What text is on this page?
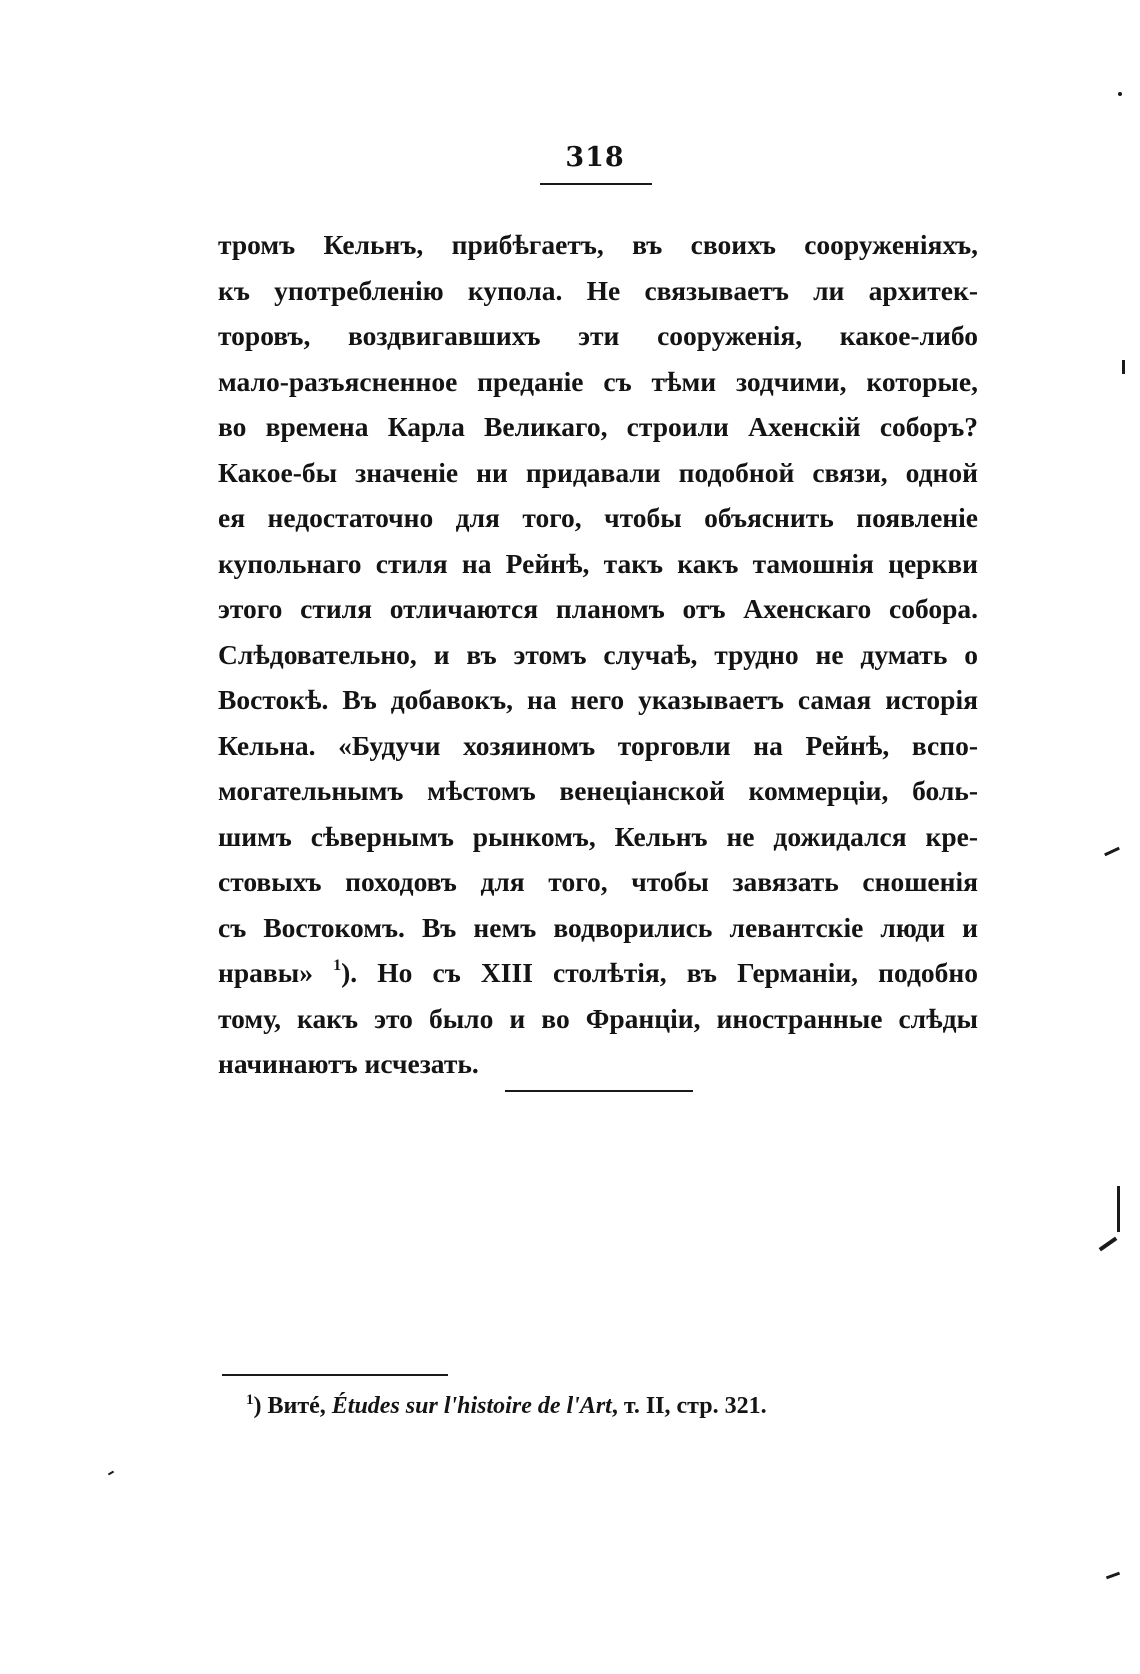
318
тромъ Кельнъ, прибѣгаетъ, въ своихъ сооруженіяхъ,
къ употребленію купола. Не связываетъ ли архитек-
торовъ, воздвигавшихъ эти сооруженія, какое-либо
мало-разъясненное преданіе съ тѣми зодчими, которые,
во времена Карла Великаго, строили Ахенскій соборъ?
Какое-бы значеніе ни придавали подобной связи, одной
ея недостаточно для того, чтобы объяснить появленіе
купольнаго стиля на Рейнѣ, такъ какъ тамошнія церкви
этого стиля отличаются планомъ отъ Ахенскаго собора.
Слѣдовательно, и въ этомъ случаѣ, трудно не думать о
Востокѣ. Въ добавокъ, на него указываетъ самая исторія
Кельна. «Будучи хозяиномъ торговли на Рейнѣ, вспо-
могательнымъ мѣстомъ венеціанской коммерціи, боль-
шимъ сѣвернымъ рынкомъ, Кельнъ не дожидался кре-
стовыхъ походовъ для того, чтобы завязать сношенія
съ Востокомъ. Въ немъ водворились левантскіе люди и
нравы» $^1$). Но съ XIII столѣтія, въ Германіи, подобно
тому, какъ это было и во Франціи, иностранные слѣды
начинаютъ исчезать.
$^1$) Витé, Études sur l'histoire de l'Art, т. II, стр. 321.
